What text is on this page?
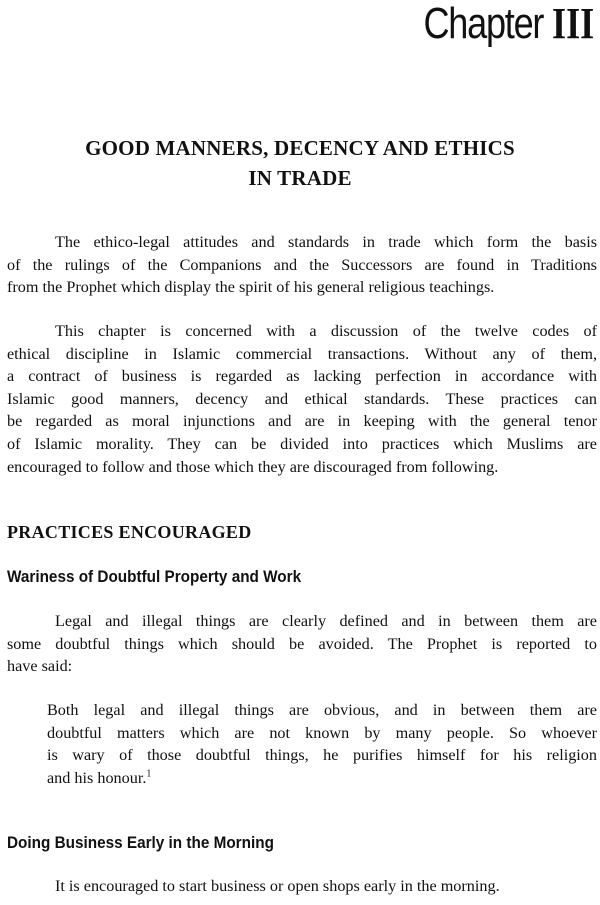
Chapter III
GOOD MANNERS, DECENCY AND ETHICS
IN TRADE

The ethico-legal attitudes and standards in trade which form the basis
of the rulings of the Companions and the Successors are found in Traditions
from the Prophet which display the spirit of his general religious teachings.

This chapter is concerned with a discussion of the twelve codes of
ethical discipline in Islamic commercial transactions. Without any of them,
a contract of business is regarded as lacking perfection in accordance with
Islamic good manners, decency and ethical standards. These practices can
be regarded as moral injunctions and are in keeping with the general tenor
of Islamic morality. They can be divided into practices which Muslims are
encouraged to follow and those which they are discouraged from following.

PRACTICES ENCOURAGED
Wariness of Doubtful Property and Work

Legal and illegal things are clearly defined and in between them are
some doubtful things which should be avoided. The Prophet is reported to
have said:

Both legal and illegal things are obvious, and in between them are
doubtful matters which are not known by many people. So whoever
is wary of those doubtful things, he purifies himself for his religion
and his honour.$^1$

Doing Business Early in the Morning

It is encouraged to start business or open shops early in the morning.
